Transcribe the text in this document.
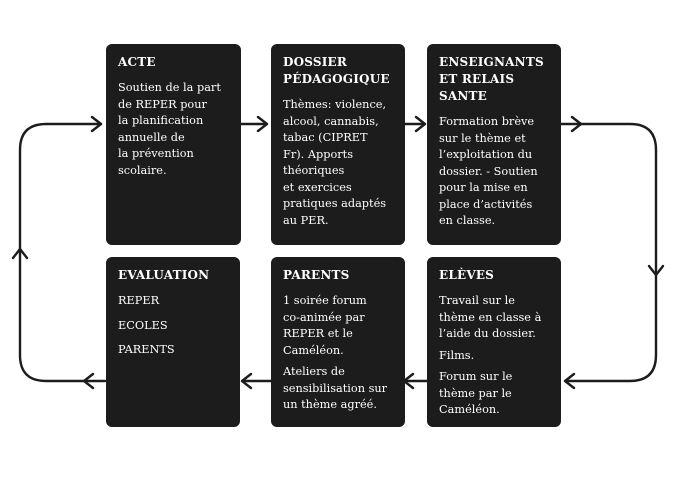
ACTE
Soutien de la part
de REPER pour
la planification
annuelle de
la prévention
scolaire.
DOSSIER
PÉDAGOGIQUE
Thèmes: violence,
alcool, cannabis,
tabac (CIPRET
Fr). Apports
théoriques
et exercices
pratiques adaptés
au PER.
ENSEIGNANTS
ET RELAIS
SANTE
Formation brève
sur le thème et
l’exploitation du
dossier. - Soutien
pour la mise en
place d’activités
en classe.
EVALUATION
REPER
ECOLES
PARENTS
PARENTS
1 soirée forum
co-animée par
REPER et le
Caméléon.
Ateliers de
sensibilisation sur
un thème agréé.
ELÈVES
Travail sur le
thème en classe à
l’aide du dossier.
Films.
Forum sur le
thème par le
Caméléon.
